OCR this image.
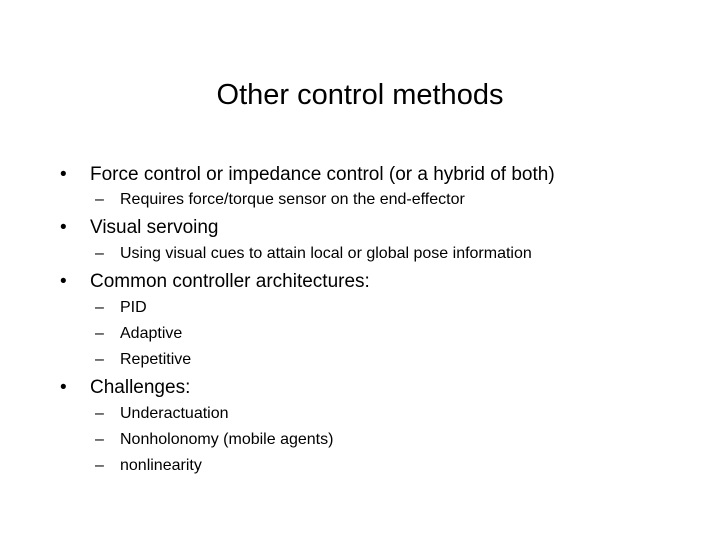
Other control methods
• Force control or impedance control (or a hybrid of both)
– Requires force/torque sensor on the end-effector
• Visual servoing
– Using visual cues to attain local or global pose information
• Common controller architectures:
– PID
– Adaptive
– Repetitive
• Challenges:
– Underactuation
– Nonholonomy (mobile agents)
– nonlinearity
